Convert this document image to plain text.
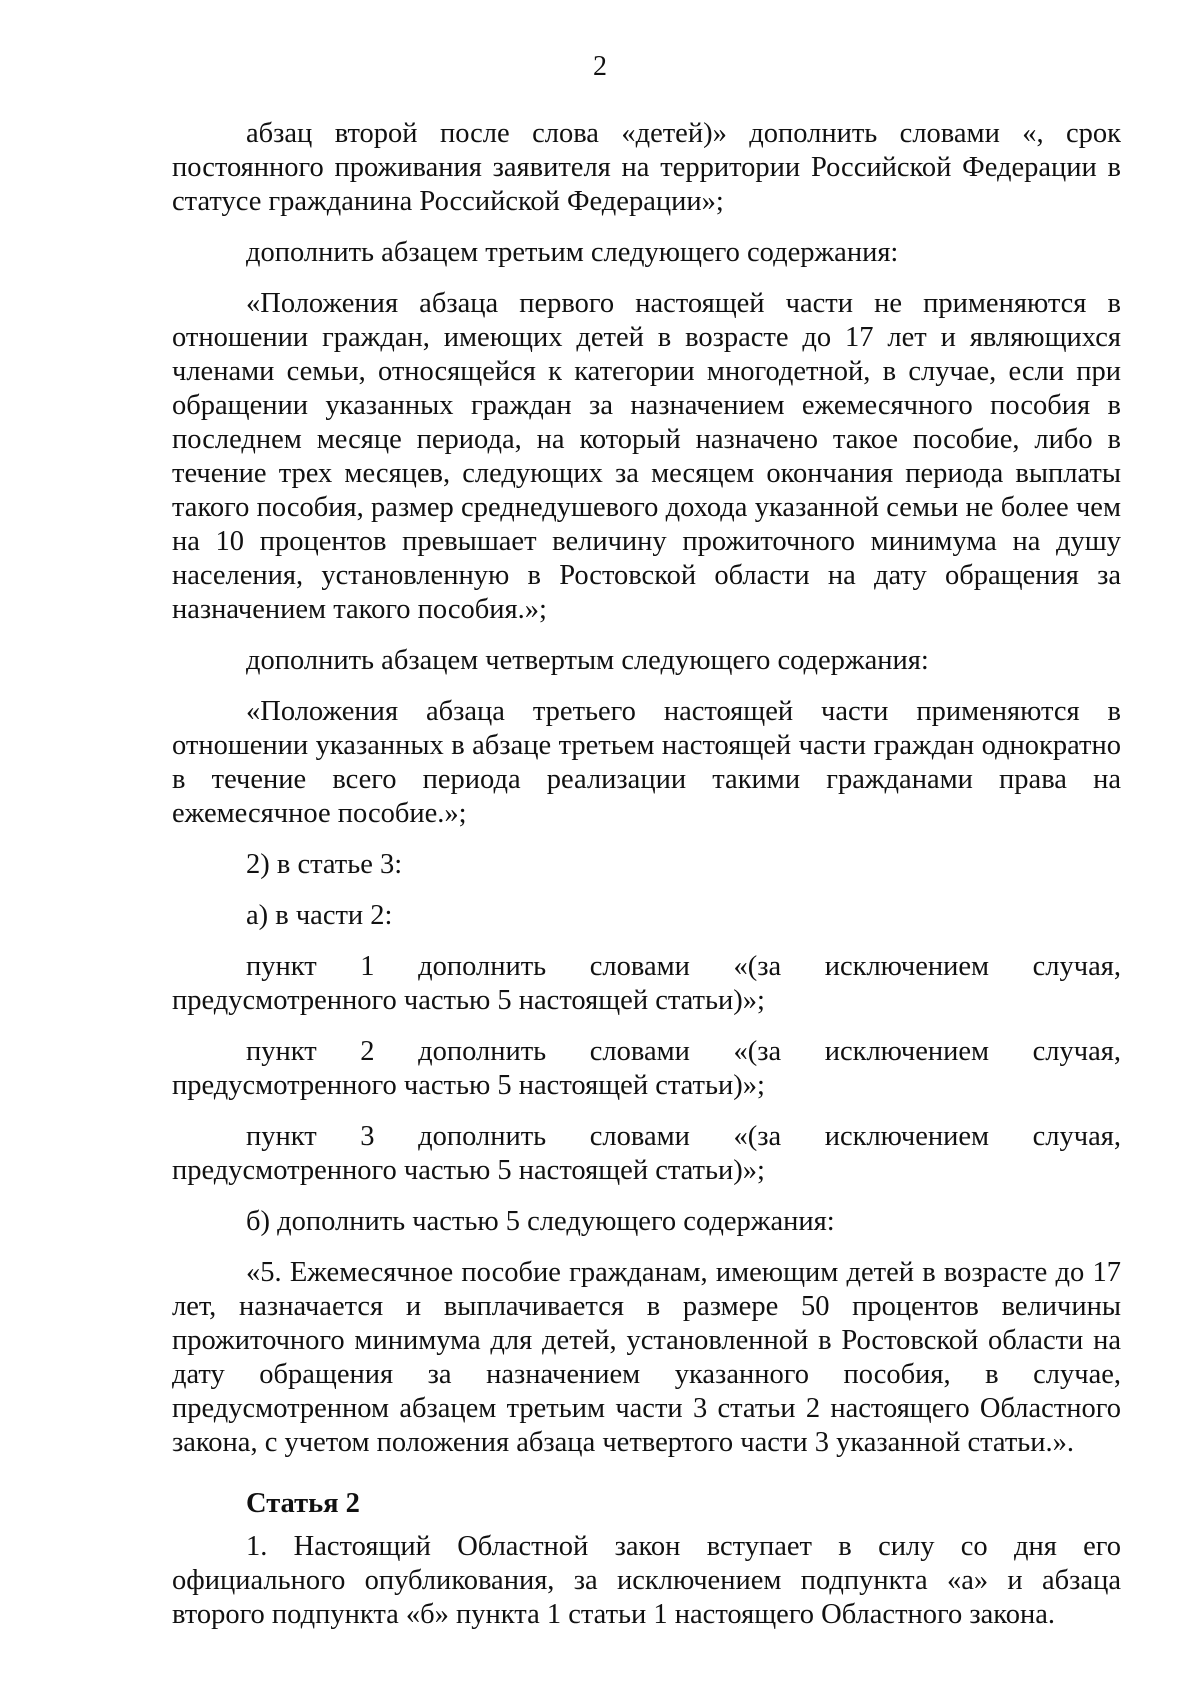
2

абзац второй после слова «детей)» дополнить словами «, срок постоянного проживания заявителя на территории Российской Федерации в статусе гражданина Российской Федерации»;

дополнить абзацем третьим следующего содержания:

«Положения абзаца первого настоящей части не применяются в отношении граждан, имеющих детей в возрасте до 17 лет и являющихся членами семьи, относящейся к категории многодетной, в случае, если при обращении указанных граждан за назначением ежемесячного пособия в последнем месяце периода, на который назначено такое пособие, либо в течение трех месяцев, следующих за месяцем окончания периода выплаты такого пособия, размер среднедушевого дохода указанной семьи не более чем на 10 процентов превышает величину прожиточного минимума на душу населения, установленную в Ростовской области на дату обращения за назначением такого пособия.»;

дополнить абзацем четвертым следующего содержания:

«Положения абзаца третьего настоящей части применяются в отношении указанных в абзаце третьем настоящей части граждан однократно в течение всего периода реализации такими гражданами права на ежемесячное пособие.»;

2) в статье 3:

а) в части 2:

пункт 1 дополнить словами «(за исключением случая, предусмотренного частью 5 настоящей статьи)»;

пункт 2 дополнить словами «(за исключением случая, предусмотренного частью 5 настоящей статьи)»;

пункт 3 дополнить словами «(за исключением случая, предусмотренного частью 5 настоящей статьи)»;

б) дополнить частью 5 следующего содержания:

«5. Ежемесячное пособие гражданам, имеющим детей в возрасте до 17 лет, назначается и выплачивается в размере 50 процентов величины прожиточного минимума для детей, установленной в Ростовской области на дату обращения за назначением указанного пособия, в случае, предусмотренном абзацем третьим части 3 статьи 2 настоящего Областного закона, с учетом положения абзаца четвертого части 3 указанной статьи.».

Статья 2

1. Настоящий Областной закон вступает в силу со дня его официального опубликования, за исключением подпункта «а» и абзаца второго подпункта «б» пункта 1 статьи 1 настоящего Областного закона.
